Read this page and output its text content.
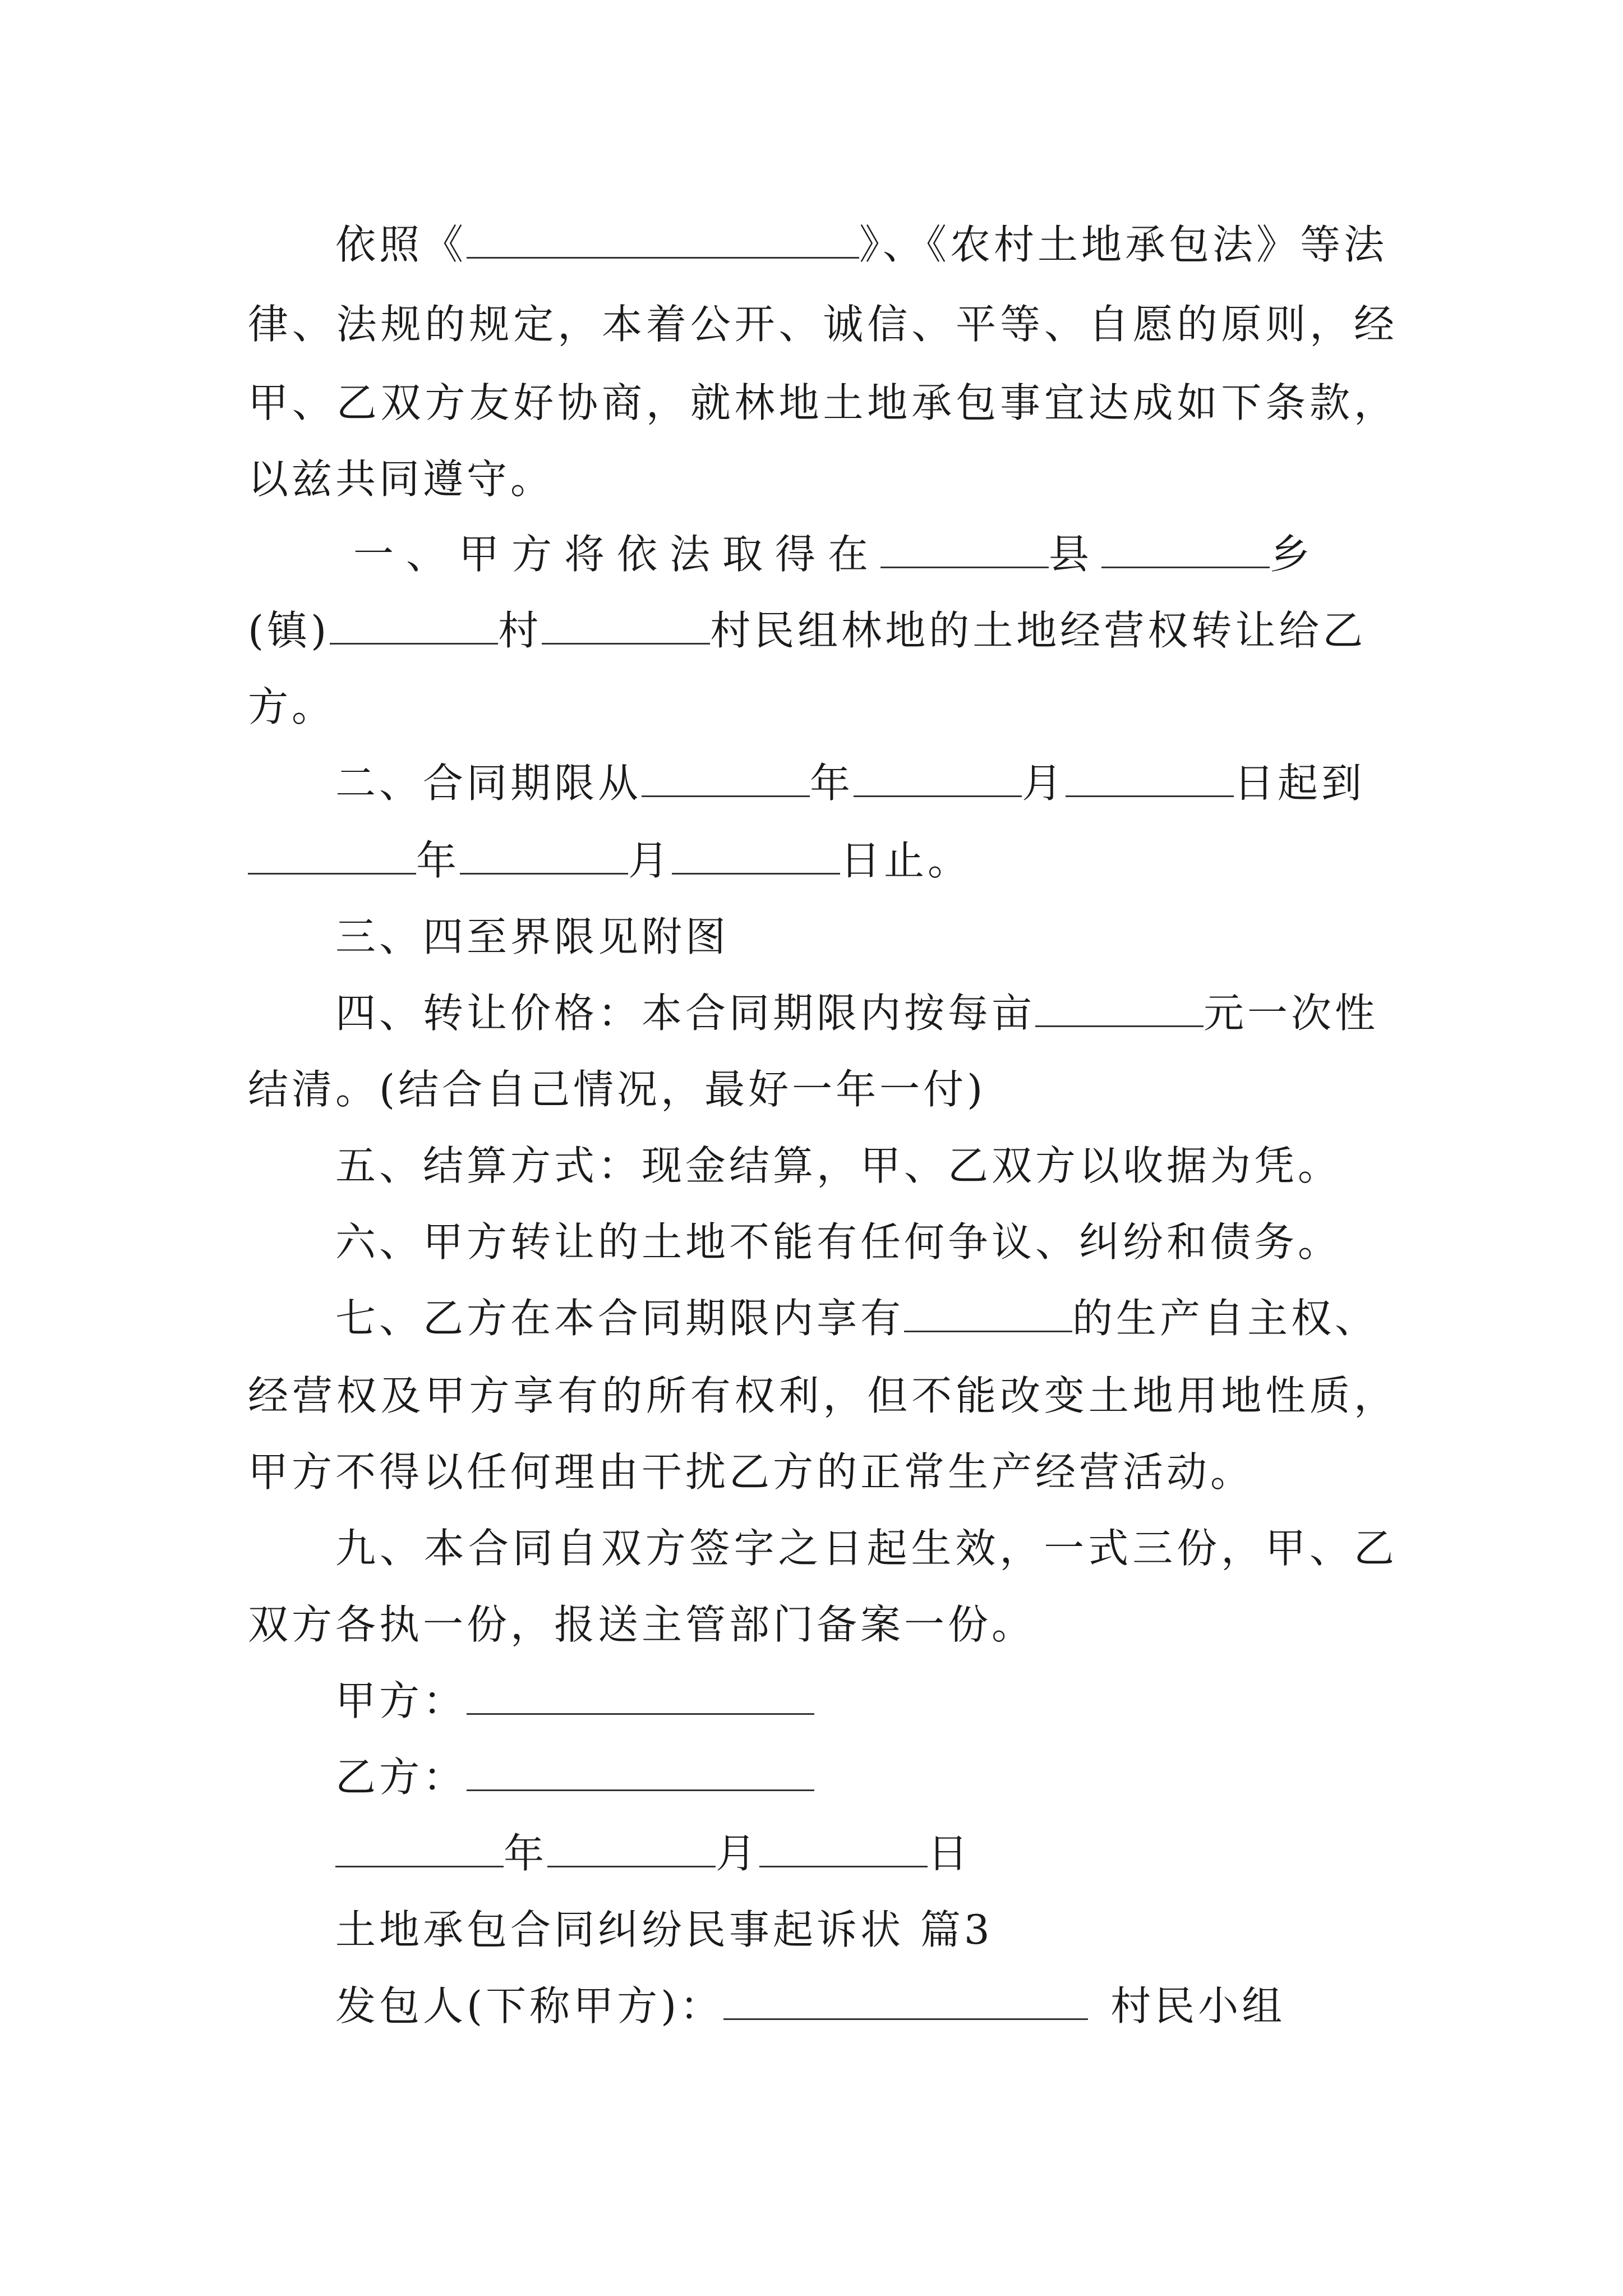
依照《	》、《农村土地承包法》等法
律、法规的规定，本着公开、诚信、平等、自愿的原则，经
甲、乙双方友好协商，就林地土地承包事宜达成如下条款，
以兹共同遵守。
一、甲方将依法取得在	县	乡
(镇)	村	村民组林地的土地经营权转让给乙
方。
二、合同期限从	年	月	日起到
年	月	日止。
三、四至界限见附图
四、转让价格：本合同期限内按每亩	元一次性
结清。(结合自己情况，最好一年一付)
五、结算方式：现金结算，甲、乙双方以收据为凭。
六、甲方转让的土地不能有任何争议、纠纷和债务。
七、乙方在本合同期限内享有	的生产自主权、
经营权及甲方享有的所有权利，但不能改变土地用地性质，
甲方不得以任何理由干扰乙方的正常生产经营活动。
九、本合同自双方签字之日起生效，一式三份，甲、乙
双方各执一份，报送主管部门备案一份。
甲方：
乙方：
年	月	日
土地承包合同纠纷民事起诉状 篇3
发包人(下称甲方)：	村民小组
